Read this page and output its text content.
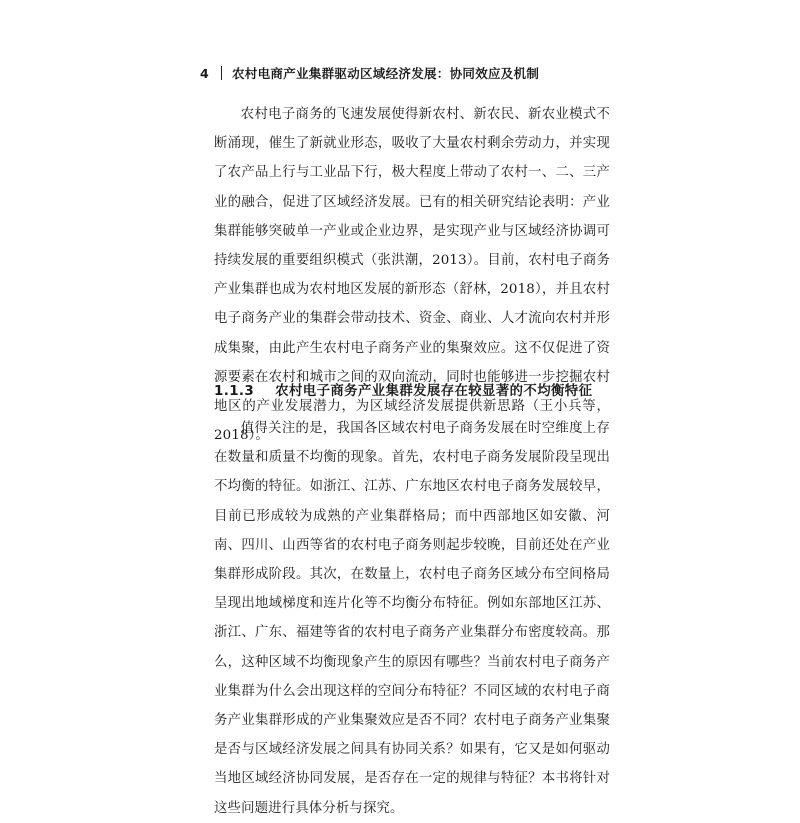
4 农村电商产业集群驱动区域经济发展：协同效应及机制

农村电子商务的飞速发展使得新农村、新农民、新农业模式不断涌现，催生了新就业形态，吸收了大量农村剩余劳动力，并实现了农产品上行与工业品下行，极大程度上带动了农村一、二、三产业的融合，促进了区域经济发展。已有的相关研究结论表明：产业集群能够突破单一产业或企业边界，是实现产业与区域经济协调可持续发展的重要组织模式（张洪潮，2013）。目前，农村电子商务产业集群也成为农村地区发展的新形态（舒林，2018），并且农村电子商务产业的集群会带动技术、资金、商业、人才流向农村并形成集聚，由此产生农村电子商务产业的集聚效应。这不仅促进了资源要素在农村和城市之间的双向流动，同时也能够进一步挖掘农村地区的产业发展潜力，为区域经济发展提供新思路（王小兵等，2018）。

1.1.3 农村电子商务产业集群发展存在较显著的不均衡特征

值得关注的是，我国各区域农村电子商务发展在时空维度上存在数量和质量不均衡的现象。首先，农村电子商务发展阶段呈现出不均衡的特征。如浙江、江苏、广东地区农村电子商务发展较早，目前已形成较为成熟的产业集群格局；而中西部地区如安徽、河南、四川、山西等省的农村电子商务则起步较晚，目前还处在产业集群形成阶段。其次，在数量上，农村电子商务区域分布空间格局呈现出地域梯度和连片化等不均衡分布特征。例如东部地区江苏、浙江、广东、福建等省的农村电子商务产业集群分布密度较高。那么，这种区域不均衡现象产生的原因有哪些？当前农村电子商务产业集群为什么会出现这样的空间分布特征？不同区域的农村电子商务产业集群形成的产业集聚效应是否不同？农村电子商务产业集聚是否与区域经济发展之间具有协同关系？如果有，它又是如何驱动当地区域经济协同发展，是否存在一定的规律与特征？本书将针对这些问题进行具体分析与探究。
